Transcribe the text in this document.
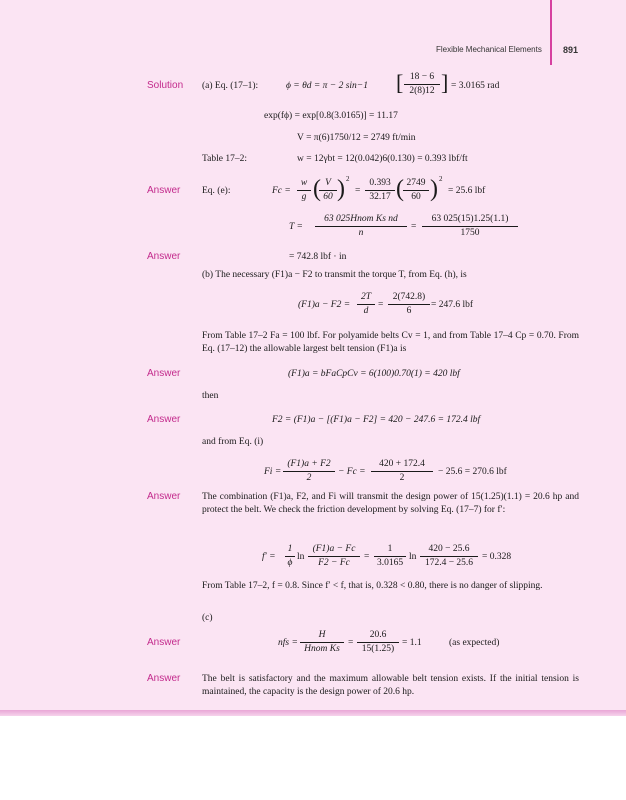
Flexible Mechanical Elements 891
Solution
Answer
Answer
Answer
Answer
Answer
Answer
Answer
(a) Eq. (17–1):	ϕ = θd = π − 2 sin−1 [ 18 − 6
2(8)12 ] = 3.0165 rad
exp(fϕ) = exp[0.8(3.0165)] = 11.17
V = π(6)1750/12 = 2749 ft/min
Table 17–2:	w = 12γbt = 12(0.042)6(0.130) = 0.393 lbf/ft
Eq. (e):	Fc =
w
g ( V
60 ) 2
=
0.393
32.17 ( 2749
60 ) 2
= 25.6 lbf
T =
63 025Hnom Ks nd
n
=
63 025(15)1.25(1.1)
1750
= 742.8 lbf · in
(b) The necessary (F1)a − F2 to transmit the torque T, from Eq. (h), is
(F1)a − F2 =
2T
d
=
2(742.8)
6
= 247.6 lbf
From Table 17–2 Fa = 100 lbf. For polyamide belts Cv = 1, and from Table 17–4 Cp = 0.70. From Eq. (17–12) the allowable largest belt tension (F1)a is
(F1)a = bFaCpCv = 6(100)0.70(1) = 420 lbf
then
F2 = (F1)a − [(F1)a − F2] = 420 − 247.6 = 172.4 lbf
and from Eq. (i)
Fi =
(F1)a + F2
2
− Fc =
420 + 172.4
2
− 25.6 = 270.6 lbf
The combination (F1)a, F2, and Fi will transmit the design power of 15(1.25)(1.1) = 20.6 hp and protect the belt. We check the friction development by solving Eq. (17–7) for f′:
f′ =
1
ϕ
ln
(F1)a − Fc
F2 − Fc
=
1
3.0165
ln
420 − 25.6
172.4 − 25.6
= 0.328
From Table 17–2, f = 0.8. Since f′ < f, that is, 0.328 < 0.80, there is no danger of slipping.
(c)
nfs =
H
Hnom Ks
=
20.6
15(1.25)
= 1.1	(as expected)
The belt is satisfactory and the maximum allowable belt tension exists. If the initial tension is maintained, the capacity is the design power of 20.6 hp.
